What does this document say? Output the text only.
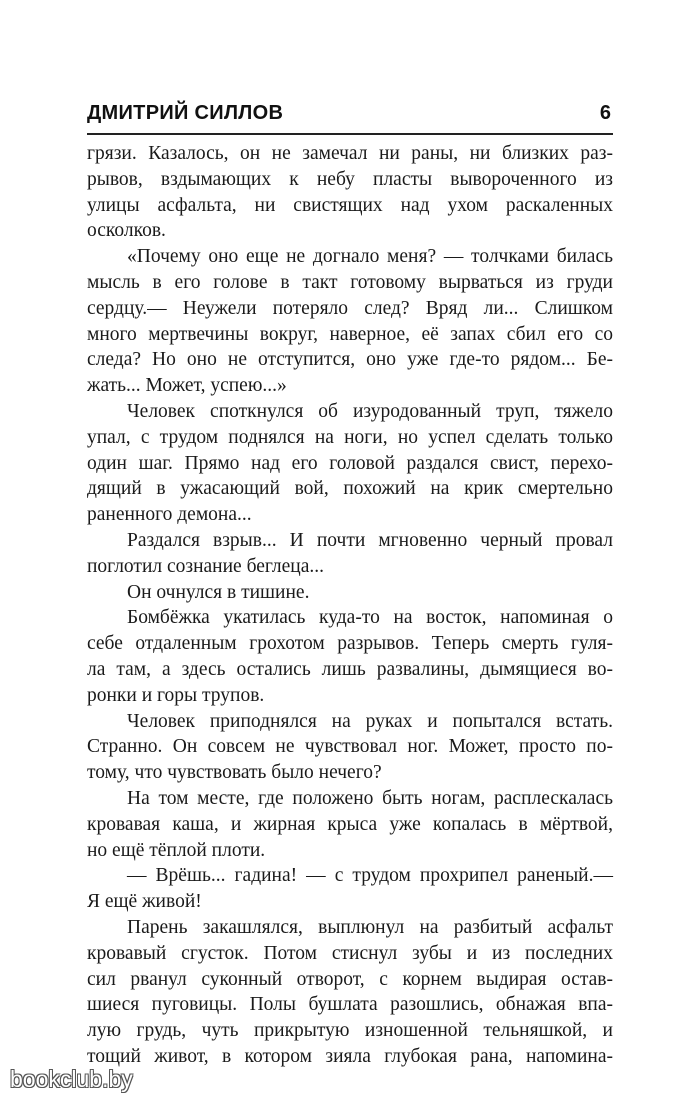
ДМИТРИЙ СИЛЛОВ	6
грязи. Казалось, он не замечал ни раны, ни близких раз-
рывов, вздымающих к небу пласты вывороченного из
улицы асфальта, ни свистящих над ухом раскаленных
осколков.
«Почему оно еще не догнало меня? — толчками билась
мысль в его голове в такт готовому вырваться из груди
сердцу.— Неужели потеряло след? Вряд ли... Слишком
много мертвечины вокруг, наверное, её запах сбил его со
следа? Но оно не отступится, оно уже где-то рядом... Бе-
жать... Может, успею...»
Человек споткнулся об изуродованный труп, тяжело
упал, с трудом поднялся на ноги, но успел сделать только
один шаг. Прямо над его головой раздался свист, перехо-
дящий в ужасающий вой, похожий на крик смертельно
раненного демона...
Раздался взрыв... И почти мгновенно черный провал
поглотил сознание беглеца...
Он очнулся в тишине.
Бомбёжка укатилась куда-то на восток, напоминая о
себе отдаленным грохотом разрывов. Теперь смерть гуля-
ла там, а здесь остались лишь развалины, дымящиеся во-
ронки и горы трупов.
Человек приподнялся на руках и попытался встать.
Странно. Он совсем не чувствовал ног. Может, просто по-
тому, что чувствовать было нечего?
На том месте, где положено быть ногам, расплескалась
кровавая каша, и жирная крыса уже копалась в мёртвой,
но ещё тёплой плоти.
— Врёшь... гадина! — с трудом прохрипел раненый.—
Я ещё живой!
Парень закашлялся, выплюнул на разбитый асфальт
кровавый сгусток. Потом стиснул зубы и из последних
сил рванул суконный отворот, с корнем выдирая остав-
шиеся пуговицы. Полы бушлата разошлись, обнажая впа-
лую грудь, чуть прикрытую изношенной тельняшкой, и
тощий живот, в котором зияла глубокая рана, напомина-
bookclub.by
